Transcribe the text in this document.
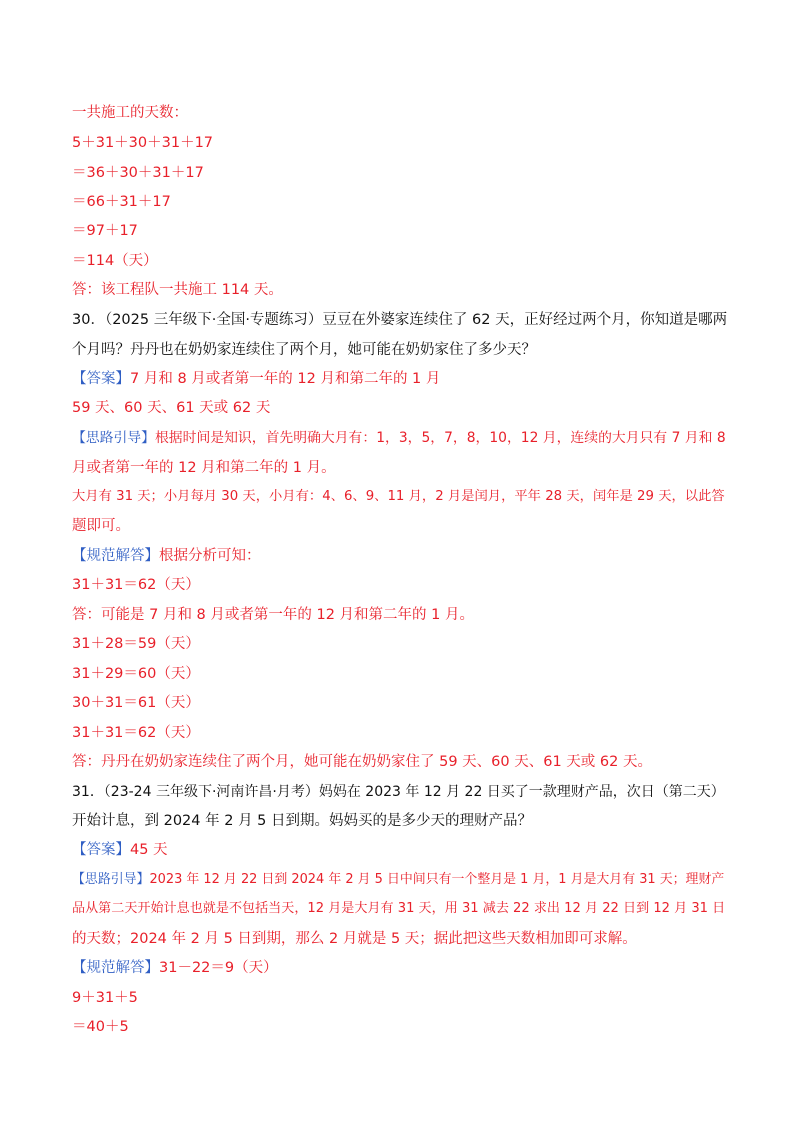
一共施工的天数：
5＋31＋30＋31＋17
＝36＋30＋31＋17
＝66＋31＋17
＝97＋17
＝114（天）
答：该工程队一共施工 114 天。
30．（2025 三年级下·全国·专题练习）豆豆在外婆家连续住了 62 天，正好经过两个月，你知道是哪两
个月吗？丹丹也在奶奶家连续住了两个月，她可能在奶奶家住了多少天？
【答案】7 月和 8 月或者第一年的 12 月和第二年的 1 月
59 天、60 天、61 天或 62 天
【思路引导】根据时间是知识，首先明确大月有：1，3，5，7，8，10，12 月，连续的大月只有 7 月和 8
月或者第一年的 12 月和第二年的 1 月。
大月有 31 天；小月每月 30 天，小月有：4、6、9、11 月，2 月是闰月，平年 28 天，闰年是 29 天，以此答
题即可。
【规范解答】根据分析可知：
31＋31＝62（天）
答：可能是 7 月和 8 月或者第一年的 12 月和第二年的 1 月。
31＋28＝59（天）
31＋29＝60（天）
30＋31＝61（天）
31＋31＝62（天）
答：丹丹在奶奶家连续住了两个月，她可能在奶奶家住了 59 天、60 天、61 天或 62 天。
31．（23-24 三年级下·河南许昌·月考）妈妈在 2023 年 12 月 22 日买了一款理财产品，次日（第二天）
开始计息，到 2024 年 2 月 5 日到期。妈妈买的是多少天的理财产品？
【答案】45 天
【思路引导】2023 年 12 月 22 日到 2024 年 2 月 5 日中间只有一个整月是 1 月，1 月是大月有 31 天；理财产
品从第二天开始计息也就是不包括当天，12 月是大月有 31 天，用 31 减去 22 求出 12 月 22 日到 12 月 31 日
的天数；2024 年 2 月 5 日到期，那么 2 月就是 5 天；据此把这些天数相加即可求解。
【规范解答】31－22＝9（天）
9＋31＋5
＝40＋5
